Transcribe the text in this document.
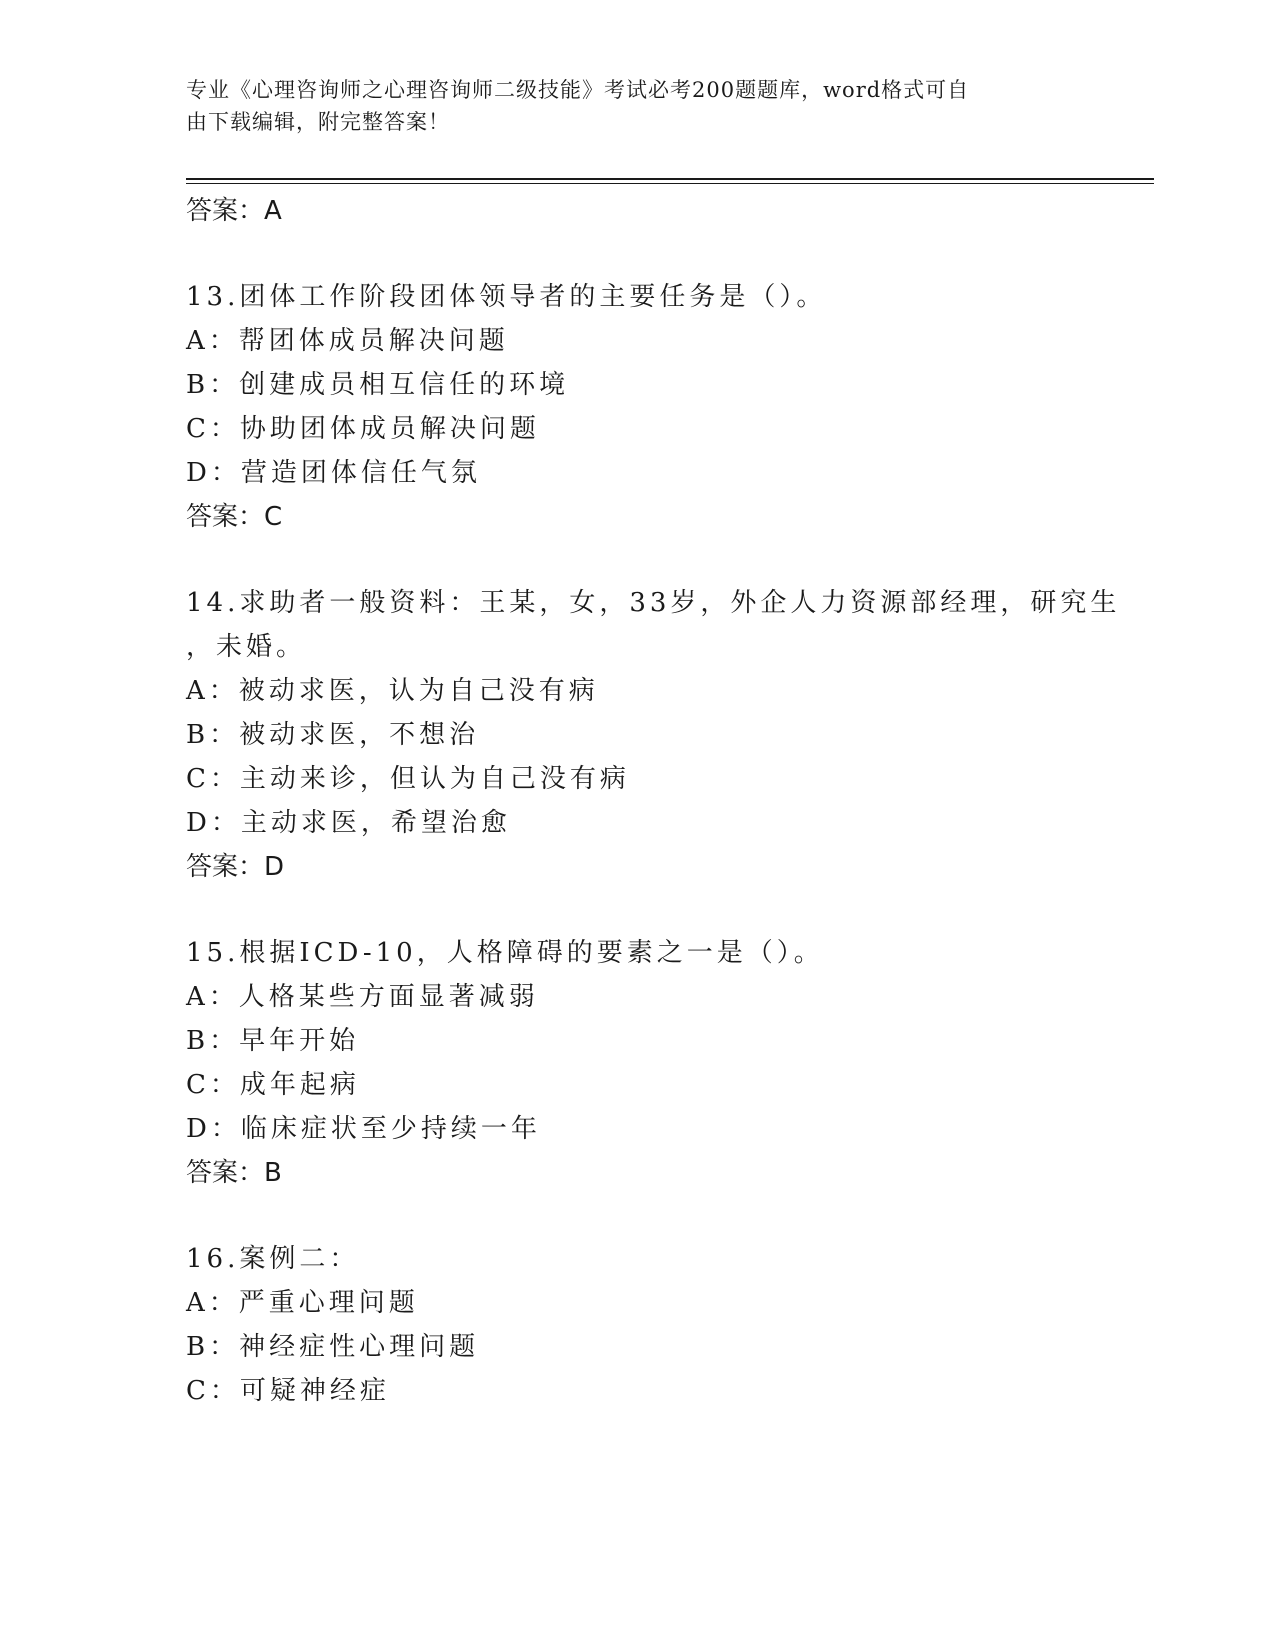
专业《心理咨询师之心理咨询师二级技能》考试必考200题题库，word格式可自
由下载编辑，附完整答案！
答案：A
13.团体工作阶段团体领导者的主要任务是（）。
A：帮团体成员解决问题
B：创建成员相互信任的环境
C：协助团体成员解决问题
D：营造团体信任气氛
答案：C
14.求助者一般资料：王某，女，33岁，外企人力资源部经理，研究生
，未婚。
A：被动求医，认为自己没有病
B：被动求医，不想治
C：主动来诊，但认为自己没有病
D：主动求医，希望治愈
答案：D
15.根据ICD-10，人格障碍的要素之一是（）。
A：人格某些方面显著减弱
B：早年开始
C：成年起病
D：临床症状至少持续一年
答案：B
16.案例二：
A：严重心理问题
B：神经症性心理问题
C：可疑神经症
